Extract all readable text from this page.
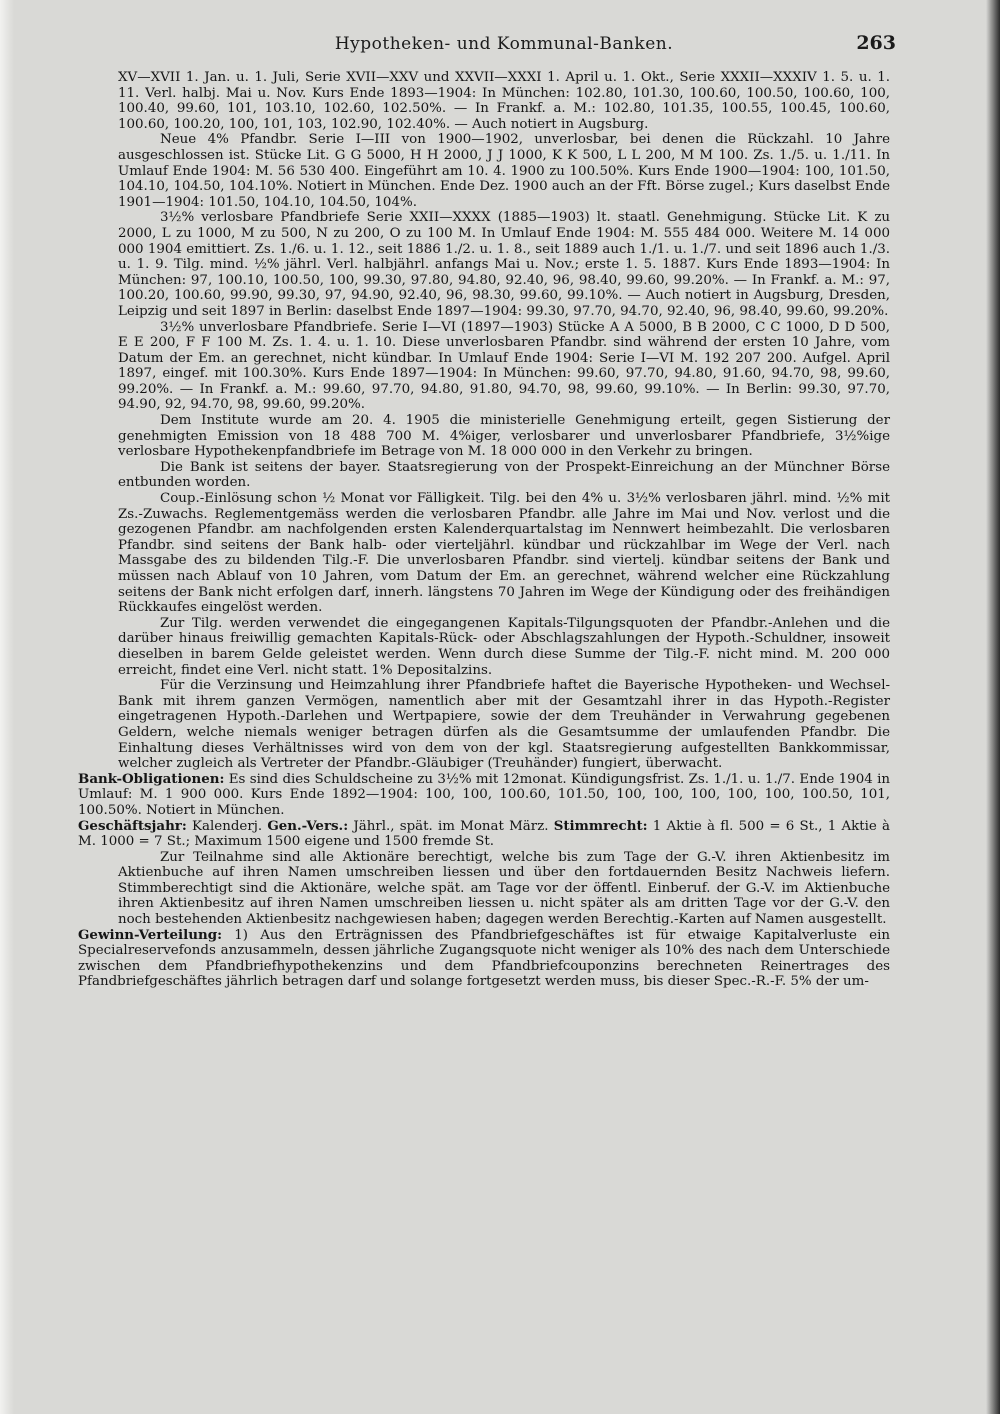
Hypotheken- und Kommunal-Banken.	263

XV—XVII 1. Jan. u. 1. Juli, Serie XVII—XXV und XXVII—XXXI 1. April u. 1. Okt., Serie XXXII—XXXIV 1. 5. u. 1. 11. Verl. halbj. Mai u. Nov. Kurs Ende 1893—1904: In München: 102.80, 101.30, 100.60, 100.50, 100.60, 100, 100.40, 99.60, 101, 103.10, 102.60, 102.50%. — In Frankf. a. M.: 102.80, 101.35, 100.55, 100.45, 100.60, 100.60, 100.20, 100, 101, 103, 102.90, 102.40%. — Auch notiert in Augsburg.

Neue 4% Pfandbr. Serie I—III von 1900—1902, unverlosbar, bei denen die Rückzahl. 10 Jahre ausgeschlossen ist. Stücke Lit. G G 5000, H H 2000, J J 1000, K K 500, L L 200, M M 100. Zs. 1./5. u. 1./11. In Umlauf Ende 1904: M. 56 530 400. Eingeführt am 10. 4. 1900 zu 100.50%. Kurs Ende 1900—1904: 100, 101.50, 104.10, 104.50, 104.10%. Notiert in München. Ende Dez. 1900 auch an der Fft. Börse zugel.; Kurs daselbst Ende 1901—1904: 101.50, 104.10, 104.50, 104%.

3½% verlosbare Pfandbriefe Serie XXII—XXXX (1885—1903) lt. staatl. Genehmigung. Stücke Lit. K zu 2000, L zu 1000, M zu 500, N zu 200, O zu 100 M. In Umlauf Ende 1904: M. 555 484 000. Weitere M. 14 000 000 1904 emittiert. Zs. 1./6. u. 1. 12., seit 1886 1./2. u. 1. 8., seit 1889 auch 1./1. u. 1./7. und seit 1896 auch 1./3. u. 1. 9. Tilg. mind. ½% jährl. Verl. halbjährl. anfangs Mai u. Nov.; erste 1. 5. 1887. Kurs Ende 1893—1904: In München: 97, 100.10, 100.50, 100, 99.30, 97.80, 94.80, 92.40, 96, 98.40, 99.60, 99.20%. — In Frankf. a. M.: 97, 100.20, 100.60, 99.90, 99.30, 97, 94.90, 92.40, 96, 98.30, 99.60, 99.10%. — Auch notiert in Augsburg, Dresden, Leipzig und seit 1897 in Berlin: daselbst Ende 1897—1904: 99.30, 97.70, 94.70, 92.40, 96, 98.40, 99.60, 99.20%.

3½% unverlosbare Pfandbriefe. Serie I—VI (1897—1903) Stücke A A 5000, B B 2000, C C 1000, D D 500, E E 200, F F 100 M. Zs. 1. 4. u. 1. 10. Diese unverlosbaren Pfandbr. sind während der ersten 10 Jahre, vom Datum der Em. an gerechnet, nicht kündbar. In Umlauf Ende 1904: Serie I—VI M. 192 207 200. Aufgel. April 1897, eingef. mit 100.30%. Kurs Ende 1897—1904: In München: 99.60, 97.70, 94.80, 91.60, 94.70, 98, 99.60, 99.20%. — In Frankf. a. M.: 99.60, 97.70, 94.80, 91.80, 94.70, 98, 99.60, 99.10%. — In Berlin: 99.30, 97.70, 94.90, 92, 94.70, 98, 99.60, 99.20%.

Dem Institute wurde am 20. 4. 1905 die ministerielle Genehmigung erteilt, gegen Sistierung der genehmigten Emission von 18 488 700 M. 4%iger, verlosbarer und unverlosbarer Pfandbriefe, 3½%ige verlosbare Hypothekenpfandbriefe im Betrage von M. 18 000 000 in den Verkehr zu bringen.

Die Bank ist seitens der bayer. Staatsregierung von der Prospekt-Einreichung an der Münchner Börse entbunden worden.

Coup.-Einlösung schon ½ Monat vor Fälligkeit. Tilg. bei den 4% u. 3½% verlosbaren jährl. mind. ½% mit Zs.-Zuwachs. Reglementgemäss werden die verlosbaren Pfandbr. alle Jahre im Mai und Nov. verlost und die gezogenen Pfandbr. am nachfolgenden ersten Kalenderquartalstag im Nennwert heimbezahlt. Die verlosbaren Pfandbr. sind seitens der Bank halb- oder vierteljährl. kündbar und rückzahlbar im Wege der Verl. nach Massgabe des zu bildenden Tilg.-F. Die unverlosbaren Pfandbr. sind viertelj. kündbar seitens der Bank und müssen nach Ablauf von 10 Jahren, vom Datum der Em. an gerechnet, während welcher eine Rückzahlung seitens der Bank nicht erfolgen darf, innerh. längstens 70 Jahren im Wege der Kündigung oder des freihändigen Rückkaufes eingelöst werden.

Zur Tilg. werden verwendet die eingegangenen Kapitals-Tilgungsquoten der Pfandbr.-Anlehen und die darüber hinaus freiwillig gemachten Kapitals-Rück- oder Abschlagszahlungen der Hypoth.-Schuldner, insoweit dieselben in barem Gelde geleistet werden. Wenn durch diese Summe der Tilg.-F. nicht mind. M. 200 000 erreicht, findet eine Verl. nicht statt. 1% Depositalzins.

Für die Verzinsung und Heimzahlung ihrer Pfandbriefe haftet die Bayerische Hypotheken- und Wechsel-Bank mit ihrem ganzen Vermögen, namentlich aber mit der Gesamtzahl ihrer in das Hypoth.-Register eingetragenen Hypoth.-Darlehen und Wertpapiere, sowie der dem Treuhänder in Verwahrung gegebenen Geldern, welche niemals weniger betragen dürfen als die Gesamtsumme der umlaufenden Pfandbr. Die Einhaltung dieses Verhältnisses wird von dem von der kgl. Staatsregierung aufgestellten Bankkommissar, welcher zugleich als Vertreter der Pfandbr.-Gläubiger (Treuhänder) fungiert, überwacht.

Bank-Obligationen: Es sind dies Schuldscheine zu 3½% mit 12monat. Kündigungsfrist. Zs. 1./1. u. 1./7. Ende 1904 in Umlauf: M. 1 900 000. Kurs Ende 1892—1904: 100, 100, 100.60, 101.50, 100, 100, 100, 100, 100, 100.50, 101, 100.50%. Notiert in München.

Geschäftsjahr: Kalenderj. Gen.-Vers.: Jährl., spät. im Monat März. Stimmrecht: 1 Aktie à fl. 500 = 6 St., 1 Aktie à M. 1000 = 7 St.; Maximum 1500 eigene und 1500 fremde St.

Zur Teilnahme sind alle Aktionäre berechtigt, welche bis zum Tage der G.-V. ihren Aktienbesitz im Aktienbuche auf ihren Namen umschreiben liessen und über den fortdauernden Besitz Nachweis liefern. Stimmberechtigt sind die Aktionäre, welche spät. am Tage vor der öffentl. Einberuf. der G.-V. im Aktienbuche ihren Aktienbesitz auf ihren Namen umschreiben liessen u. nicht später als am dritten Tage vor der G.-V. den noch bestehenden Aktienbesitz nachgewiesen haben; dagegen werden Berechtig.-Karten auf Namen ausgestellt.

Gewinn-Verteilung: 1) Aus den Erträgnissen des Pfandbriefgeschäftes ist für etwaige Kapitalverluste ein Specialreservefonds anzusammeln, dessen jährliche Zugangsquote nicht weniger als 10% des nach dem Unterschiede zwischen dem Pfandbriefhypothekenzins und dem Pfandbriefcouponzins berechneten Reinertrages des Pfandbriefgeschäftes jährlich betragen darf und solange fortgesetzt werden muss, bis dieser Spec.-R.-F. 5% der um-
